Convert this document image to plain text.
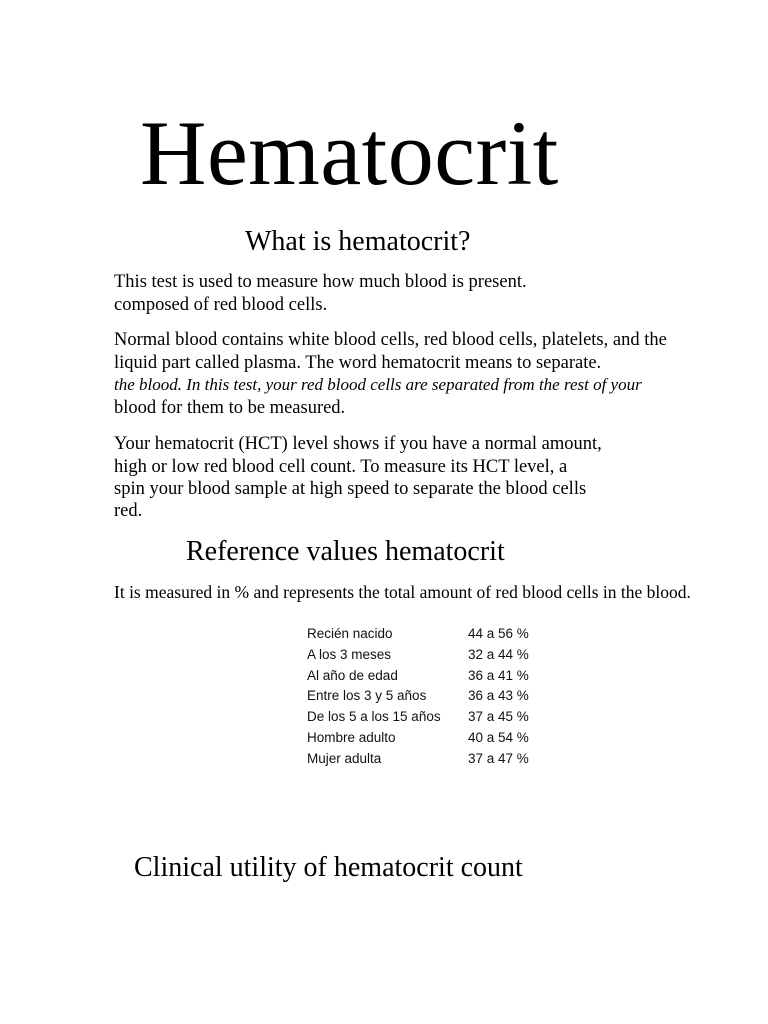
Hematocrit
What is hematocrit?
This test is used to measure how much blood is present.
composed of red blood cells.
Normal blood contains white blood cells, red blood cells, platelets, and the
liquid part called plasma. The word hematocrit means to separate.
the blood. In this test, your red blood cells are separated from the rest of your
blood for them to be measured.
Your hematocrit (HCT) level shows if you have a normal amount,
high or low red blood cell count. To measure its HCT level, a
spin your blood sample at high speed to separate the blood cells
red.
Reference values hematocrit
It is measured in % and represents the total amount of red blood cells in the blood.
Recién nacido	44 a 56 %
A los 3 meses	32 a 44 %
Al año de edad	36 a 41 %
Entre los 3 y 5 años	36 a 43 %
De los 5 a los 15 años 37 a 45 %
Hombre adulto	40 a 54 %
Mujer adulta	37 a 47 %
Clinical utility of hematocrit count
